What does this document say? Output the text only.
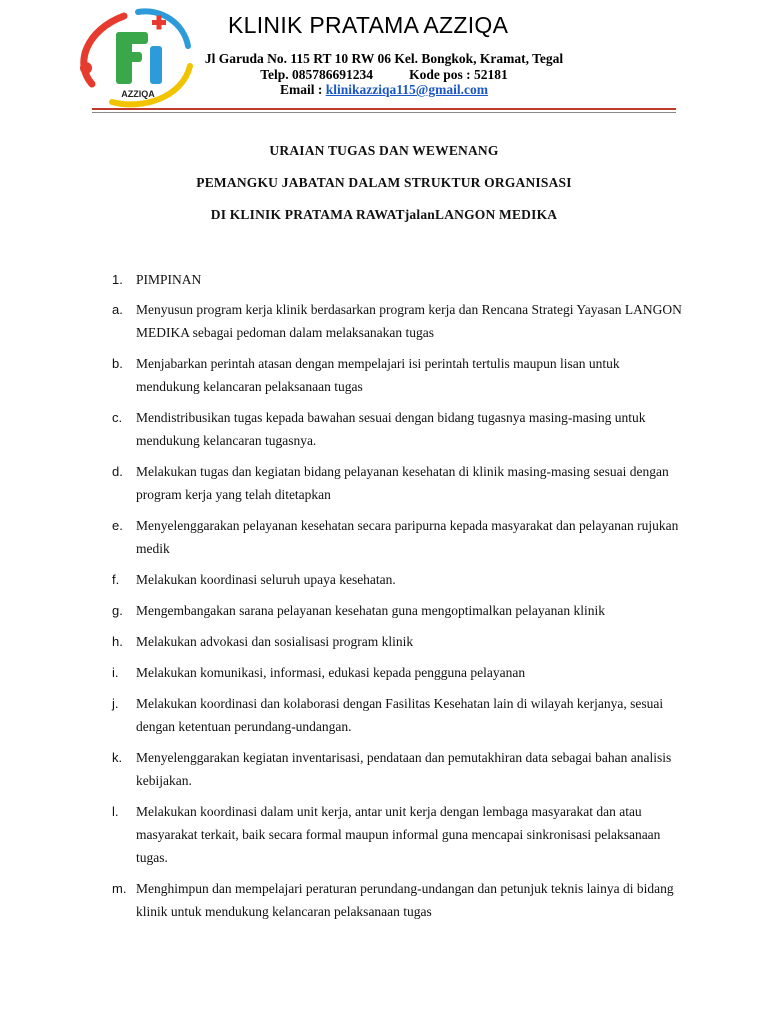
AZZIQA
KLINIK PRATAMA AZZIQA
Jl Garuda No. 115 RT 10 RW 06 Kel. Bongkok, Kramat, Tegal
Telp. 085786691234	Kode pos : 52181
Email : klinikazziqa115@gmail.com
URAIAN TUGAS DAN WEWENANG
PEMANGKU JABATAN DALAM STRUKTUR ORGANISASI
DI KLINIK PRATAMA RAWATjalanLANGON MEDIKA
1. PIMPINAN
a. Menyusun program kerja klinik berdasarkan program kerja dan Rencana Strategi Yayasan LANGON MEDIKA sebagai pedoman dalam melaksanakan tugas
b. Menjabarkan perintah atasan dengan mempelajari isi perintah tertulis maupun lisan untuk mendukung kelancaran pelaksanaan tugas
c. Mendistribusikan tugas kepada bawahan sesuai dengan bidang tugasnya masing-masing untuk mendukung kelancaran tugasnya.
d. Melakukan tugas dan kegiatan bidang pelayanan kesehatan di klinik masing-masing sesuai dengan program kerja yang telah ditetapkan
e. Menyelenggarakan pelayanan kesehatan secara paripurna kepada masyarakat dan pelayanan rujukan medik
f. Melakukan koordinasi seluruh upaya kesehatan.
g. Mengembangakan sarana pelayanan kesehatan guna mengoptimalkan pelayanan klinik
h. Melakukan advokasi dan sosialisasi program klinik
i. Melakukan komunikasi, informasi, edukasi kepada pengguna pelayanan
j. Melakukan koordinasi dan kolaborasi dengan Fasilitas Kesehatan lain di wilayah kerjanya, sesuai dengan ketentuan perundang-undangan.
k. Menyelenggarakan kegiatan inventarisasi, pendataan dan pemutakhiran data sebagai bahan analisis kebijakan.
l. Melakukan koordinasi dalam unit kerja, antar unit kerja dengan lembaga masyarakat dan atau masyarakat terkait, baik secara formal maupun informal guna mencapai sinkronisasi pelaksanaan tugas.
m. Menghimpun dan mempelajari peraturan perundang-undangan dan petunjuk teknis lainya di bidang klinik untuk mendukung kelancaran pelaksanaan tugas
